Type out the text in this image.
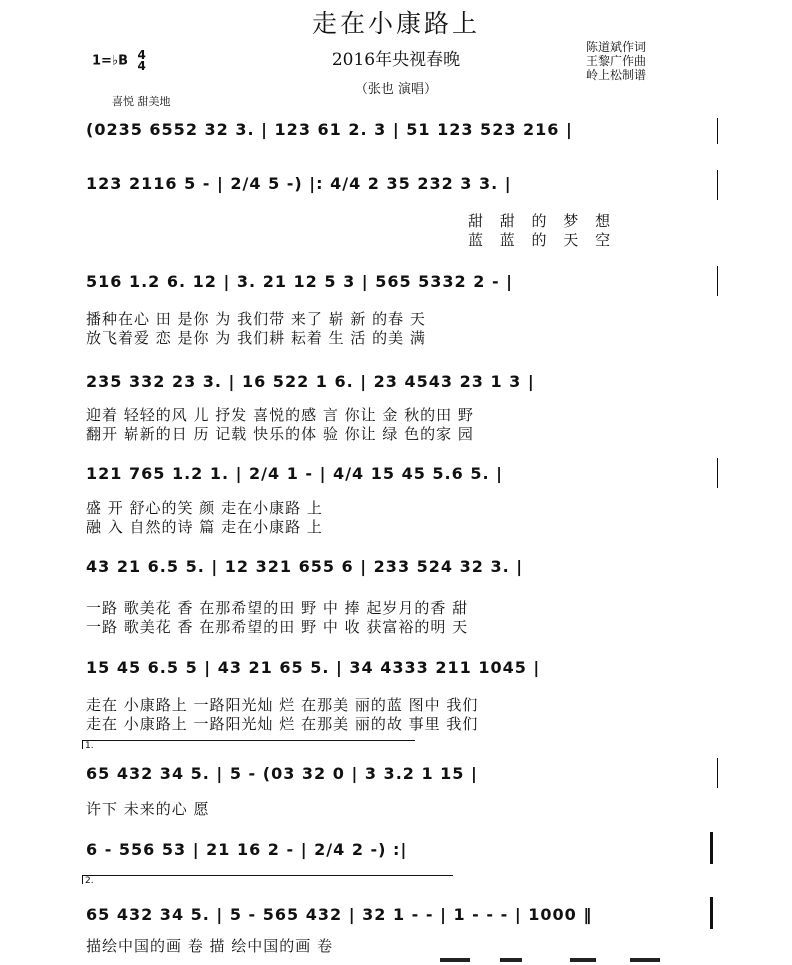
走在小康路上
2016年央视春晚
（张也 演唱）
陈道斌作词
王黎广作曲
岭上松制谱
1=♭B 4
4
喜悦 甜美地
(0235 6552 32 3. | 123 61 2. 3 | 51 123 523 216 |
123 2116 5 - | 2/4 5 -) |: 4/4 2 35 232 3 3. |
甜 甜 的 梦 想
蓝 蓝 的 天 空
516 1.2 6. 12 | 3. 21 12 5 3 | 565 5332 2 - |
播种在心 田 是你 为 我们带 来了 崭 新 的春 天
放飞着爱 恋 是你 为 我们耕 耘着 生 活 的美 满
235 332 23 3. | 16 522 1 6. | 23 4543 23 1 3 |
迎着 轻轻的风 儿 抒发 喜悦的感 言 你让 金 秋的田 野
翻开 崭新的日 历 记载 快乐的体 验 你让 绿 色的家 园
121 765 1.2 1. | 2/4 1 - | 4/4 15 45 5.6 5. |
盛 开 舒心的笑 颜 走在小康路 上
融 入 自然的诗 篇 走在小康路 上
43 21 6.5 5. | 12 321 655 6 | 233 524 32 3. |
一路 歌美花 香 在那希望的田 野 中 捧 起岁月的香 甜
一路 歌美花 香 在那希望的田 野 中 收 获富裕的明 天
15 45 6.5 5 | 43 21 65 5. | 34 4333 211 1045 |
走在 小康路上 一路阳光灿 烂 在那美 丽的蓝 图中 我们
走在 小康路上 一路阳光灿 烂 在那美 丽的故 事里 我们
1.
65 432 34 5. | 5 - (03 32 0 | 3 3.2 1 15 |
许下 未来的心 愿
6 - 556 53 | 21 16 2 - | 2/4 2 -) :|
2.
65 432 34 5. | 5 - 565 432 | 32 1 - - | 1 - - - | 1000 ‖
描绘中国的画 卷 描 绘中国的画 卷
